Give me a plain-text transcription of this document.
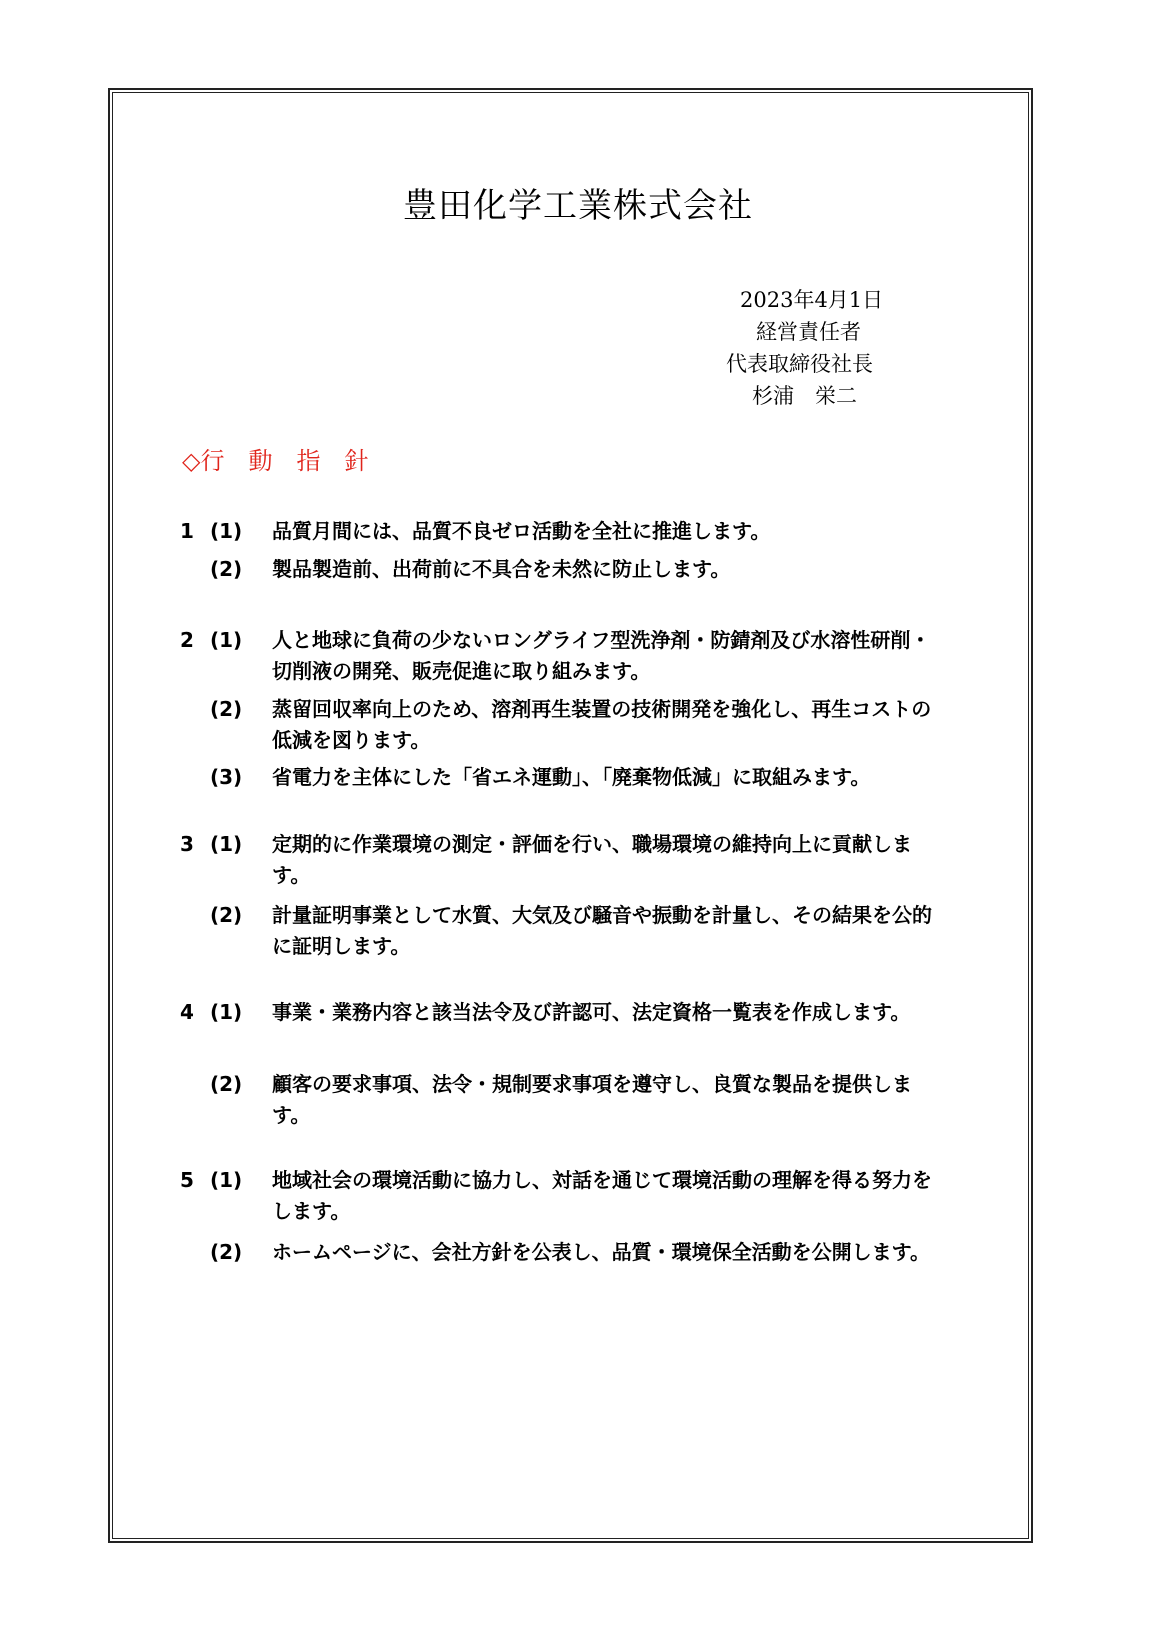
豊田化学工業株式会社
2023年4月1日
経営責任者
代表取締役社長
杉浦　栄二
◇行　動　指　針
1 (1)	品質月間には、品質不良ゼロ活動を全社に推進します。
(2)	製品製造前、出荷前に不具合を未然に防止します。
2 (1)	人と地球に負荷の少ないロングライフ型洗浄剤・防錆剤及び水溶性研削・切削液の開発、販売促進に取り組みます。
(2)	蒸留回収率向上のため、溶剤再生装置の技術開発を強化し、再生コストの低減を図ります。
(3)	省電力を主体にした「省エネ運動」、「廃棄物低減」に取組みます。
3 (1)	定期的に作業環境の測定・評価を行い、職場環境の維持向上に貢献します。
(2)	計量証明事業として水質、大気及び騒音や振動を計量し、その結果を公的に証明します。
4 (1)	事業・業務内容と該当法令及び許認可、法定資格一覧表を作成します。
(2)	顧客の要求事項、法令・規制要求事項を遵守し、良質な製品を提供します。
5 (1)	地域社会の環境活動に協力し、対話を通じて環境活動の理解を得る努力をします。
(2)	ホームページに、会社方針を公表し、品質・環境保全活動を公開します。
